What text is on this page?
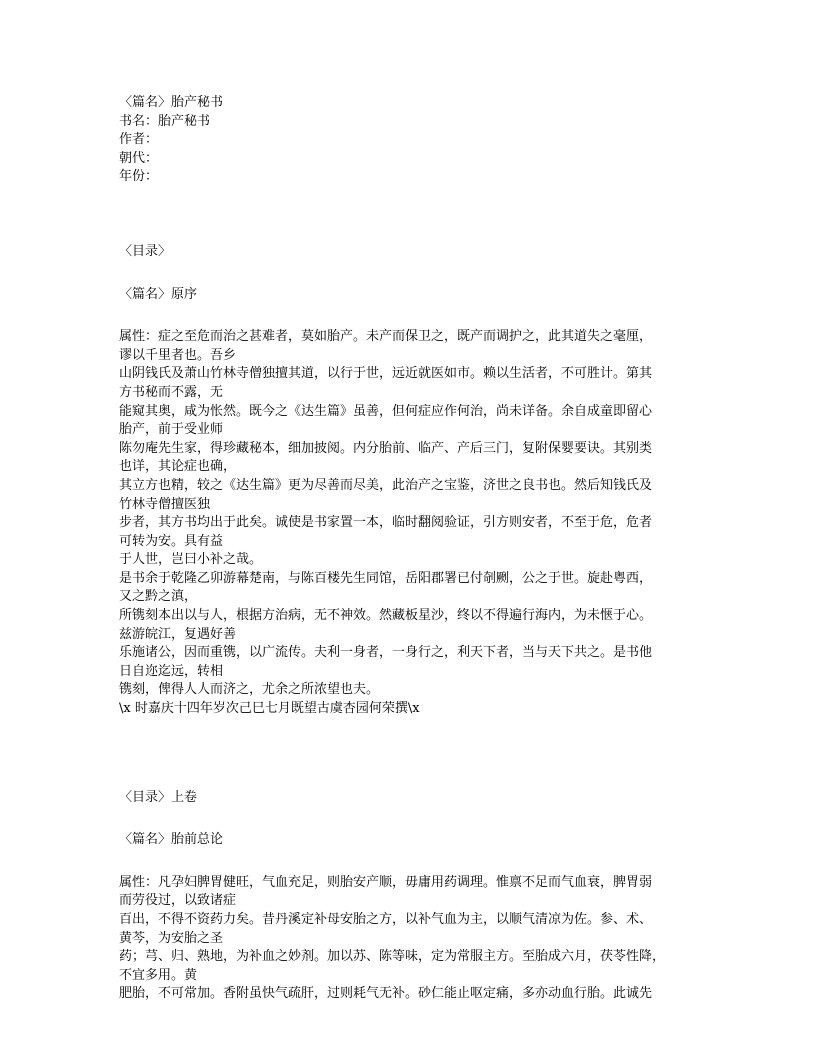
〈篇名〉胎产秘书
书名：胎产秘书
作者：
朝代：
年份：
〈目录〉
〈篇名〉原序
属性：症之至危而治之甚难者，莫如胎产。未产而保卫之，既产而调护之，此其道失之毫厘，
谬以千里者也。吾乡
山阴钱氏及萧山竹林寺僧独擅其道，以行于世，远近就医如市。赖以生活者，不可胜计。第其
方书秘而不露，无
能窥其奥，咸为怅然。既今之《达生篇》虽善，但何症应作何治，尚未详备。余自成童即留心
胎产，前于受业师
陈勿庵先生家，得珍藏秘本，细加披阅。内分胎前、临产、产后三门，复附保婴要诀。其别类
也详，其论症也确，
其立方也精，较之《达生篇》更为尽善而尽美，此治产之宝鉴，济世之良书也。然后知钱氏及
竹林寺僧擅医独
步者，其方书均出于此矣。诚使是书家置一本，临时翻阅验证，引方则安者，不至于危，危者
可转为安。具有益
于人世，岂曰小补之哉。
是书余于乾隆乙卯游幕楚南，与陈百楼先生同馆，岳阳郡署已付剞劂，公之于世。旋赴粤西，
又之黔之滇，
所镌刻本出以与人，根据方治病，无不神效。然藏板星沙，终以不得遍行海内，为未惬于心。
兹游皖江，复遇好善
乐施诸公，因而重镌，以广流传。夫利一身者，一身行之，利天下者，当与天下共之。是书他
日自迩迄远，转相
镌刻，俾得人人而济之，尤余之所浓望也夫。
\x 时嘉庆十四年岁次己巳七月既望古虞杏园何荣撰\x
〈目录〉上卷
〈篇名〉胎前总论
属性：凡孕妇脾胃健旺，气血充足，则胎安产顺，毋庸用药调理。惟禀不足而气血衰，脾胃弱
而劳役过，以致诸症
百出，不得不资药力矣。昔丹溪定补母安胎之方，以补气血为主，以顺气清凉为佐。参、术、
黄芩，为安胎之圣
药；芎、归、熟地，为补血之妙剂。加以苏、陈等味，定为常服主方。至胎成六月，茯苓性降，
不宜多用。黄
肥胎，不可常加。香附虽快气疏肝，过则耗气无补。砂仁能止呕定痛，多亦动血行胎。此诚先
